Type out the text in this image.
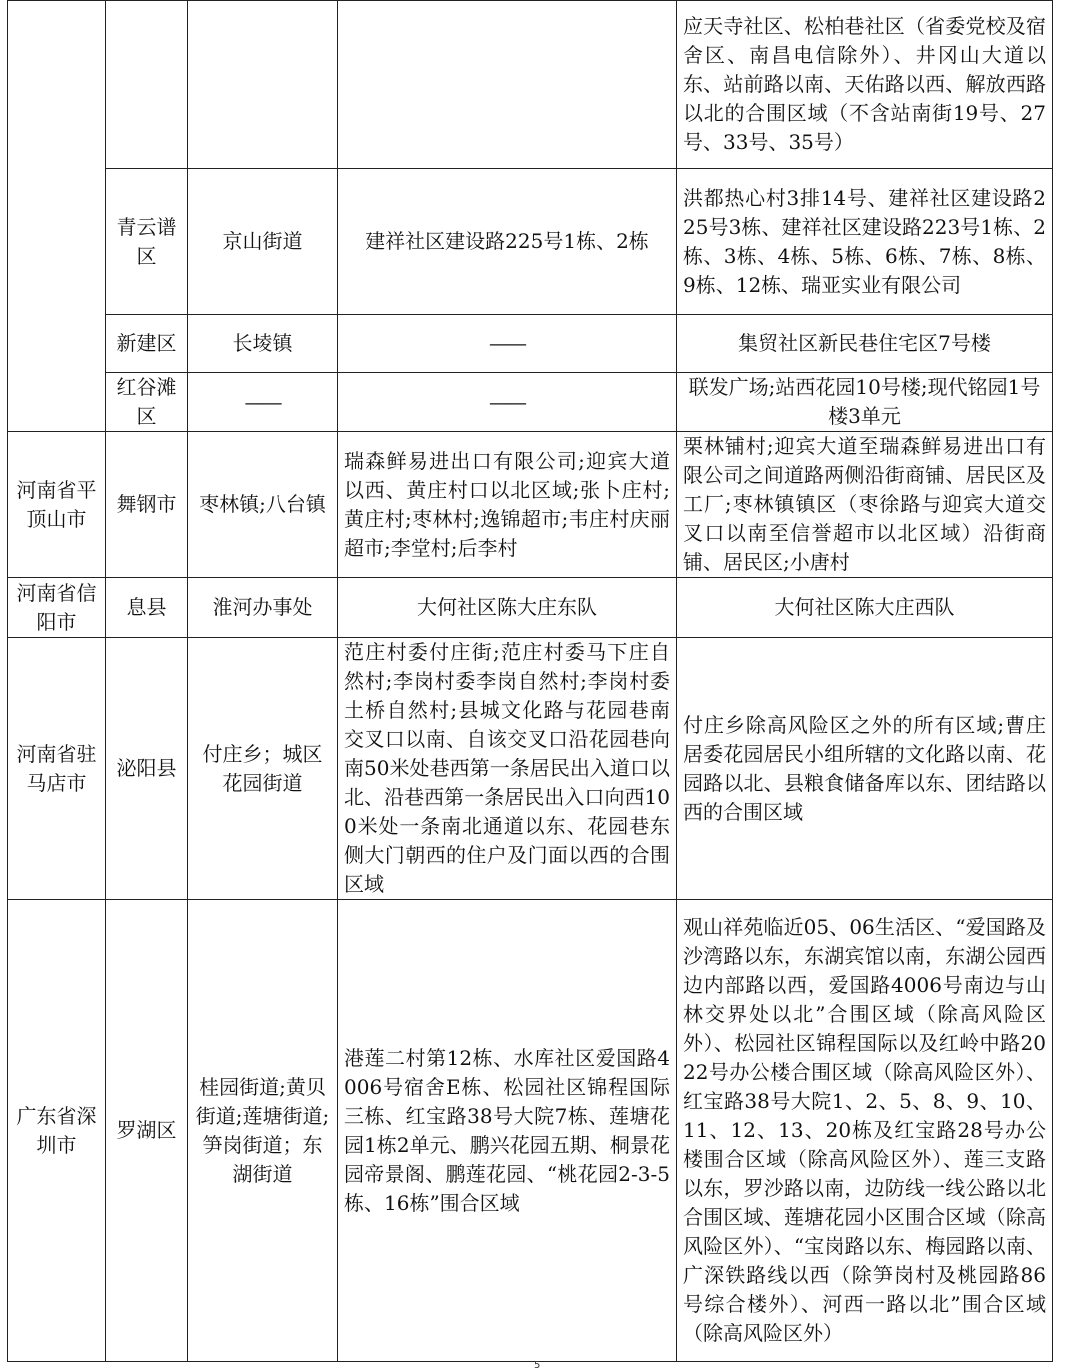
				应天寺社区、松柏巷社区（省委党校及宿舍区、南昌电信除外）、井冈山大道以东、站前路以南、天佑路以西、解放西路以北的合围区域（不含站南街19号、27号、33号、35号）
	青云谱区	京山街道	建祥社区建设路225号1栋、2栋	洪都热心村3排14号、建祥社区建设路225号3栋、建祥社区建设路223号1栋、2栋、3栋、4栋、5栋、6栋、7栋、8栋、9栋、12栋、瑞亚实业有限公司
	新建区	长堎镇	——	集贸社区新民巷住宅区7号楼
	红谷滩区	——	——	联发广场;站西花园10号楼;现代铭园1号楼3单元
河南省平顶山市	舞钢市	枣林镇;八台镇	瑞森鲜易进出口有限公司;迎宾大道以西、黄庄村口以北区域;张卜庄村;黄庄村;枣林村;逸锦超市;韦庄村庆丽超市;李堂村;后李村	栗林铺村;迎宾大道至瑞森鲜易进出口有限公司之间道路两侧沿街商铺、居民区及工厂;枣林镇镇区（枣徐路与迎宾大道交叉口以南至信誉超市以北区域）沿街商铺、居民区;小唐村
河南省信阳市	息县	淮河办事处	大何社区陈大庄东队	大何社区陈大庄西队
河南省驻马店市	泌阳县	付庄乡；城区花园街道	范庄村委付庄街;范庄村委马下庄自然村;李岗村委李岗自然村;李岗村委土桥自然村;县城文化路与花园巷南交叉口以南、自该交叉口沿花园巷向南50米处巷西第一条居民出入道口以北、沿巷西第一条居民出入口向西100米处一条南北通道以东、花园巷东侧大门朝西的住户及门面以西的合围区域	付庄乡除高风险区之外的所有区域;曹庄居委花园居民小组所辖的文化路以南、花园路以北、县粮食储备库以东、团结路以西的合围区域
广东省深圳市	罗湖区	桂园街道;黄贝街道;莲塘街道;笋岗街道；东湖街道	港莲二村第12栋、水库社区爱国路4006号宿舍E栋、松园社区锦程国际三栋、红宝路38号大院7栋、莲塘花园1栋2单元、鹏兴花园五期、桐景花园帝景阁、鹏莲花园、“桃花园2-3-5栋、16栋”围合区域	观山祥苑临近05、06生活区、“爱国路及沙湾路以东，东湖宾馆以南，东湖公园西边内部路以西，爱国路4006号南边与山林交界处以北”合围区域（除高风险区外）、松园社区锦程国际以及红岭中路2022号办公楼合围区域（除高风险区外）、红宝路38号大院1、2、5、8、9、10、11、12、13、20栋及红宝路28号办公楼围合区域（除高风险区外）、莲三支路以东，罗沙路以南，边防线一线公路以北合围区域、莲塘花园小区围合区域（除高风险区外）、“宝岗路以东、梅园路以南、广深铁路线以西（除笋岗村及桃园路86号综合楼外）、河西一路以北”围合区域（除高风险区外）
5
